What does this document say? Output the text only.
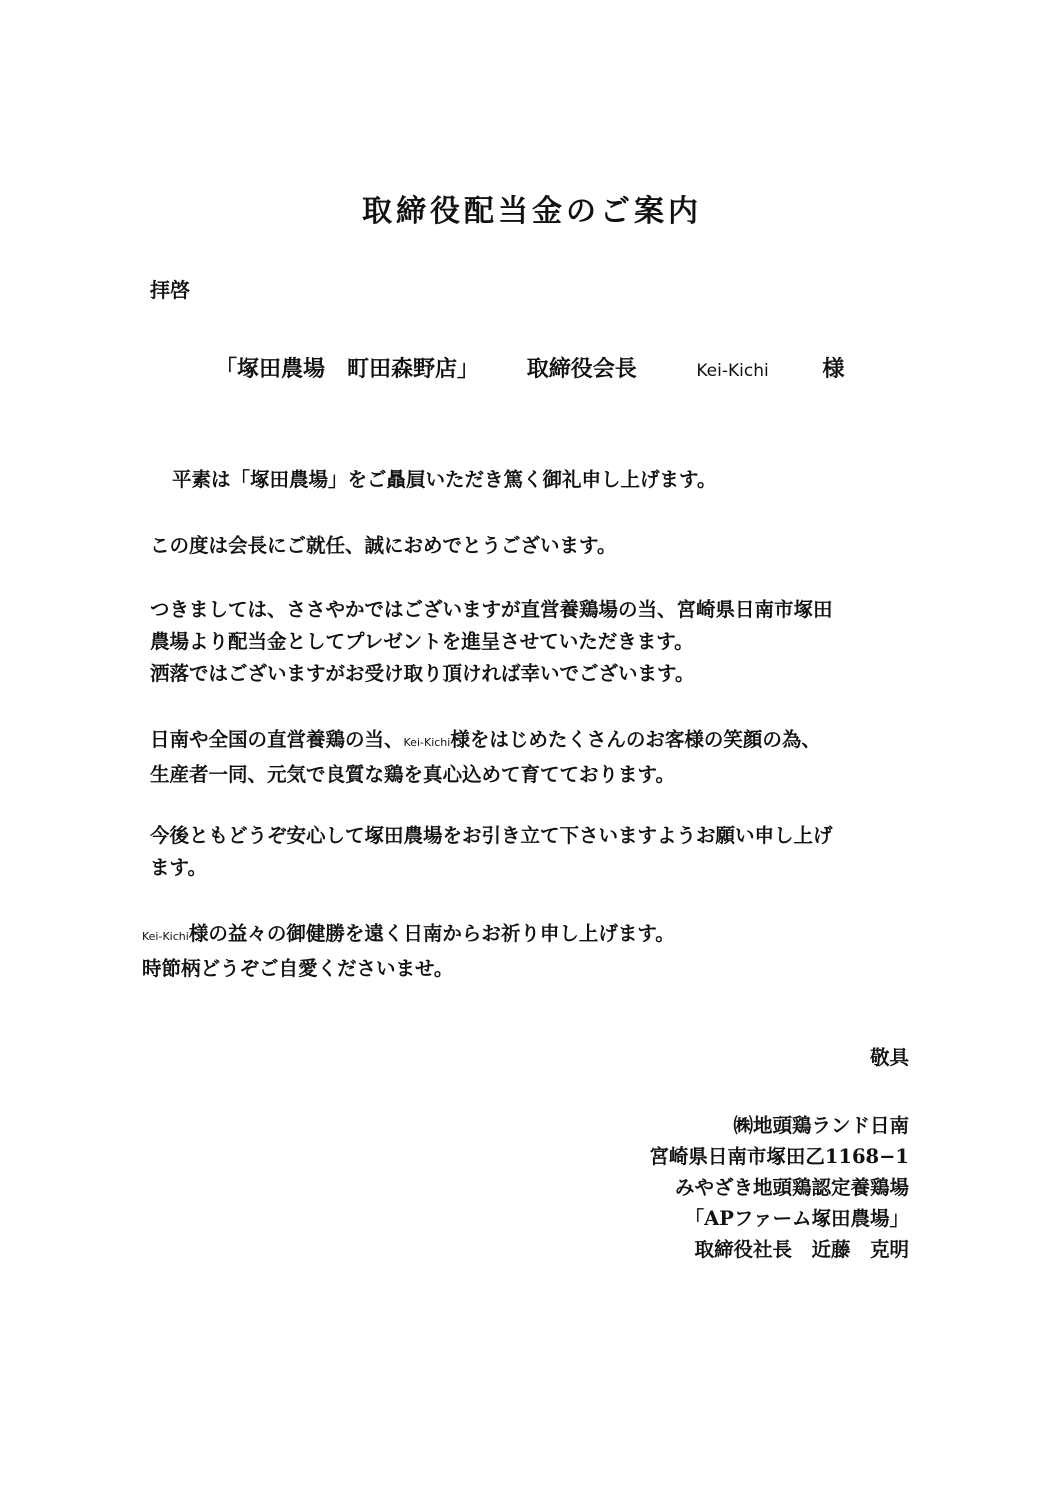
取締役配当金のご案内
拝啓
「塚田農場　町田森野店」 取締役会長	Kei-Kichi 様
平素は「塚田農場」をご贔屓いただき篤く御礼申し上げます。
この度は会長にご就任、誠におめでとうございます。
つきましては、ささやかではございますが直営養鶏場の当、宮崎県日南市塚田
農場より配当金としてプレゼントを進呈させていただきます。
洒落ではございますがお受け取り頂ければ幸いでございます。
日南や全国の直営養鶏の当、Kei-Kichi様をはじめたくさんのお客様の笑顔の為、
生産者一同、元気で良質な鶏を真心込めて育てております。
今後ともどうぞ安心して塚田農場をお引き立て下さいますようお願い申し上げ
ます。
Kei-Kichi様の益々の御健勝を遠く日南からお祈り申し上げます。
時節柄どうぞご自愛くださいませ。
敬具
㈱地頭鶏ランド日南
宮崎県日南市塚田乙1168−1
みやざき地頭鶏認定養鶏場
「APファーム塚田農場」
取締役社長　近藤　克明
